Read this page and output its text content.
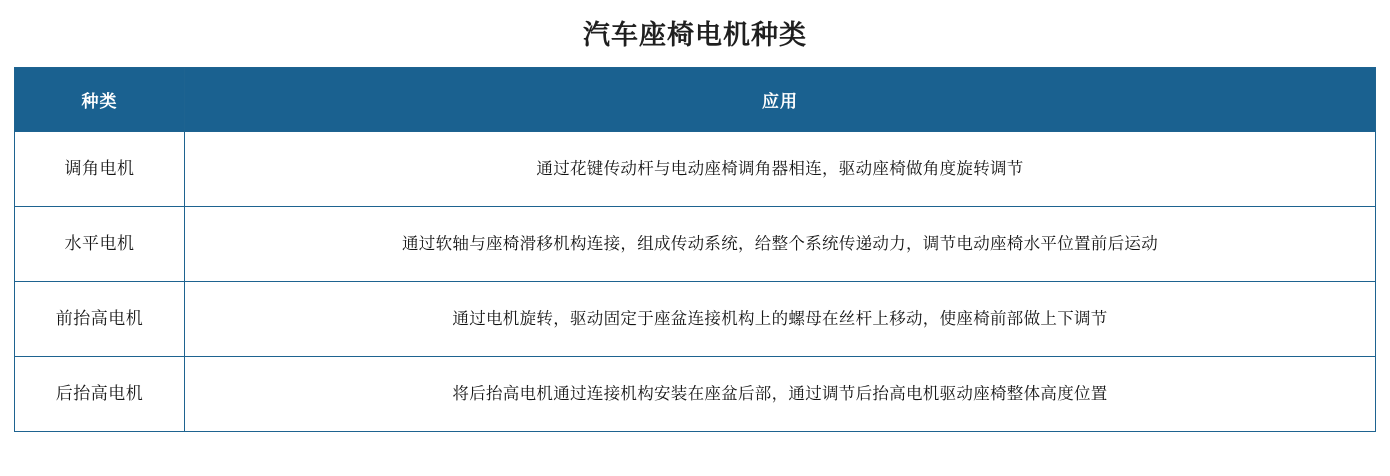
汽车座椅电机种类
种类	应用
调角电机	通过花键传动杆与电动座椅调角器相连，驱动座椅做角度旋转调节
水平电机	通过软轴与座椅滑移机构连接，组成传动系统，给整个系统传递动力，调节电动座椅水平位置前后运动
前抬高电机	通过电机旋转，驱动固定于座盆连接机构上的螺母在丝杆上移动，使座椅前部做上下调节
后抬高电机	将后抬高电机通过连接机构安装在座盆后部，通过调节后抬高电机驱动座椅整体高度位置
